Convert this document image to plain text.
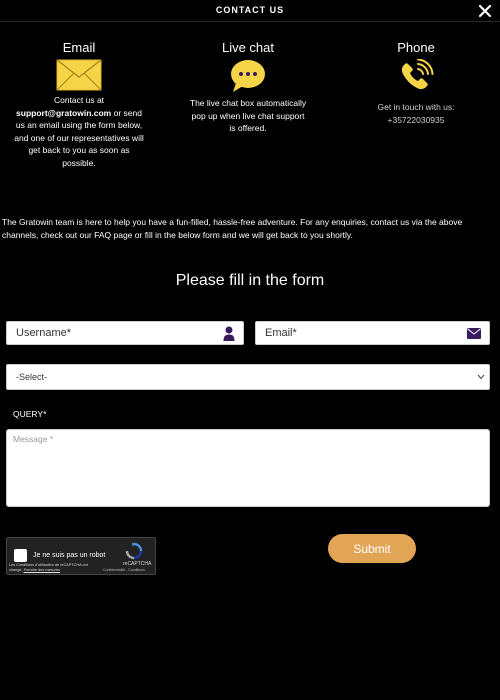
CONTACT US
Email
Contact us at
support@gratowin.com or send us an email using the form below, and one of our representatives will get back to you as soon as possible.
Live chat
The live chat box automatically pop up when live chat support is offered.
Phone
Get in touch with us:
+35722030935
The Gratowin team is here to help you have a fun-filled, hassle-free adventure. For any enquiries, contact us via the above channels, check out our FAQ page or fill in the below form and we will get back to you shortly.
Please fill in the form
Username*
Email*
-Select-
QUERY*
Message *
Je ne suis pas un robot
reCAPTCHA
Confidentialité - Conditions
Les Conditions d'utilisation de reCAPTCHA ont changé. Prendre des mesures
Submit
